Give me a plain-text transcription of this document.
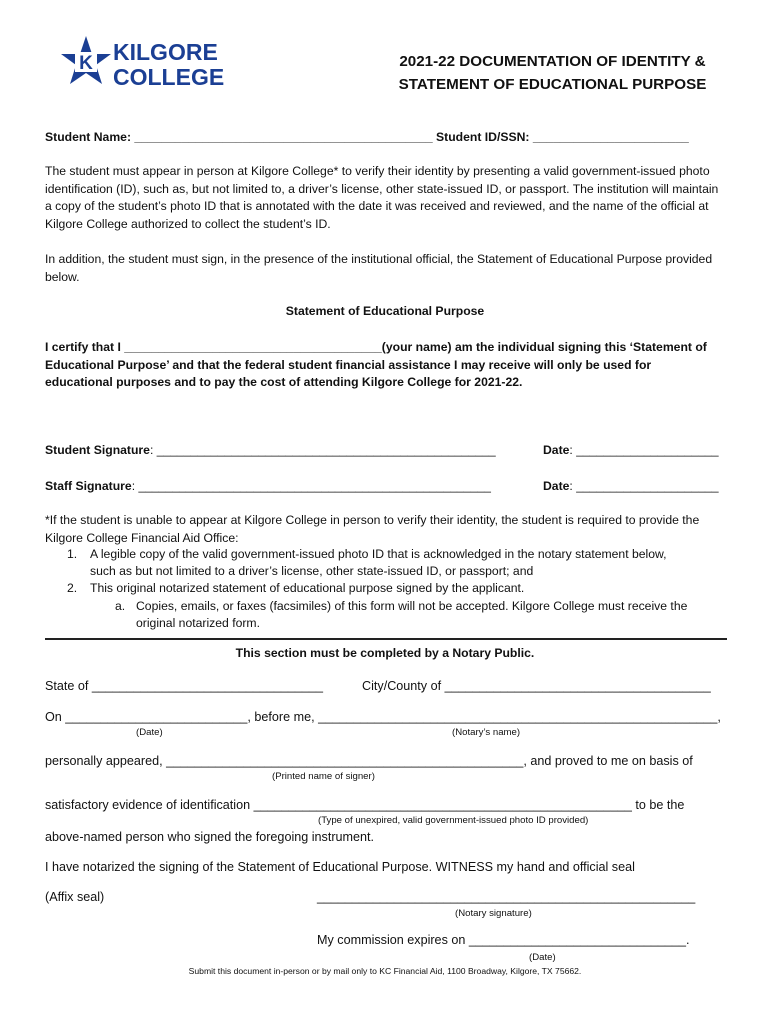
K KILGORE
COLLEGE
2021-22 DOCUMENTATION OF IDENTITY &
STATEMENT OF EDUCATIONAL PURPOSE
Student Name: ____________________________________________ Student ID/SSN: _______________________
The student must appear in person at Kilgore College* to verify their identity by presenting a valid government-issued photo identification (ID), such as, but not limited to, a driver’s license, other state-issued ID, or passport. The institution will maintain a copy of the student’s photo ID that is annotated with the date it was received and reviewed, and the name of the official at Kilgore College authorized to collect the student’s ID.
In addition, the student must sign, in the presence of the institutional official, the Statement of Educational Purpose provided below.
Statement of Educational Purpose
I certify that I ______________________________________(your name) am the individual signing this ‘Statement of Educational Purpose’ and that the federal student financial assistance I may receive will only be used for educational purposes and to pay the cost of attending Kilgore College for 2021-22.
Student Signature: __________________________________________________	Date: _____________________
Staff Signature: ____________________________________________________	Date: _____________________
*If the student is unable to appear at Kilgore College in person to verify their identity, the student is required to provide the Kilgore College Financial Aid Office:
1. A legible copy of the valid government-issued photo ID that is acknowledged in the notary statement below,
such as but not limited to a driver’s license, other state-issued ID, or passport; and
2. This original notarized statement of educational purpose signed by the applicant.
a. Copies, emails, or faxes (facsimiles) of this form will not be accepted. Kilgore College must receive the
original notarized form.
This section must be completed by a Notary Public.
State of _________________________________	City/County of ______________________________________
On __________________________, before me, _________________________________________________________,
(Date)	(Notary’s name)
personally appeared, ___________________________________________________, and proved to me on basis of
(Printed name of signer)
satisfactory evidence of identification ______________________________________________________ to be the
(Type of unexpired, valid government-issued photo ID provided)
above-named person who signed the foregoing instrument.
I have notarized the signing of the Statement of Educational Purpose. WITNESS my hand and official seal
(Affix seal)	______________________________________________________
(Notary signature)
My commission expires on _______________________________.
(Date)
Submit this document in-person or by mail only to KC Financial Aid, 1100 Broadway, Kilgore, TX 75662.
